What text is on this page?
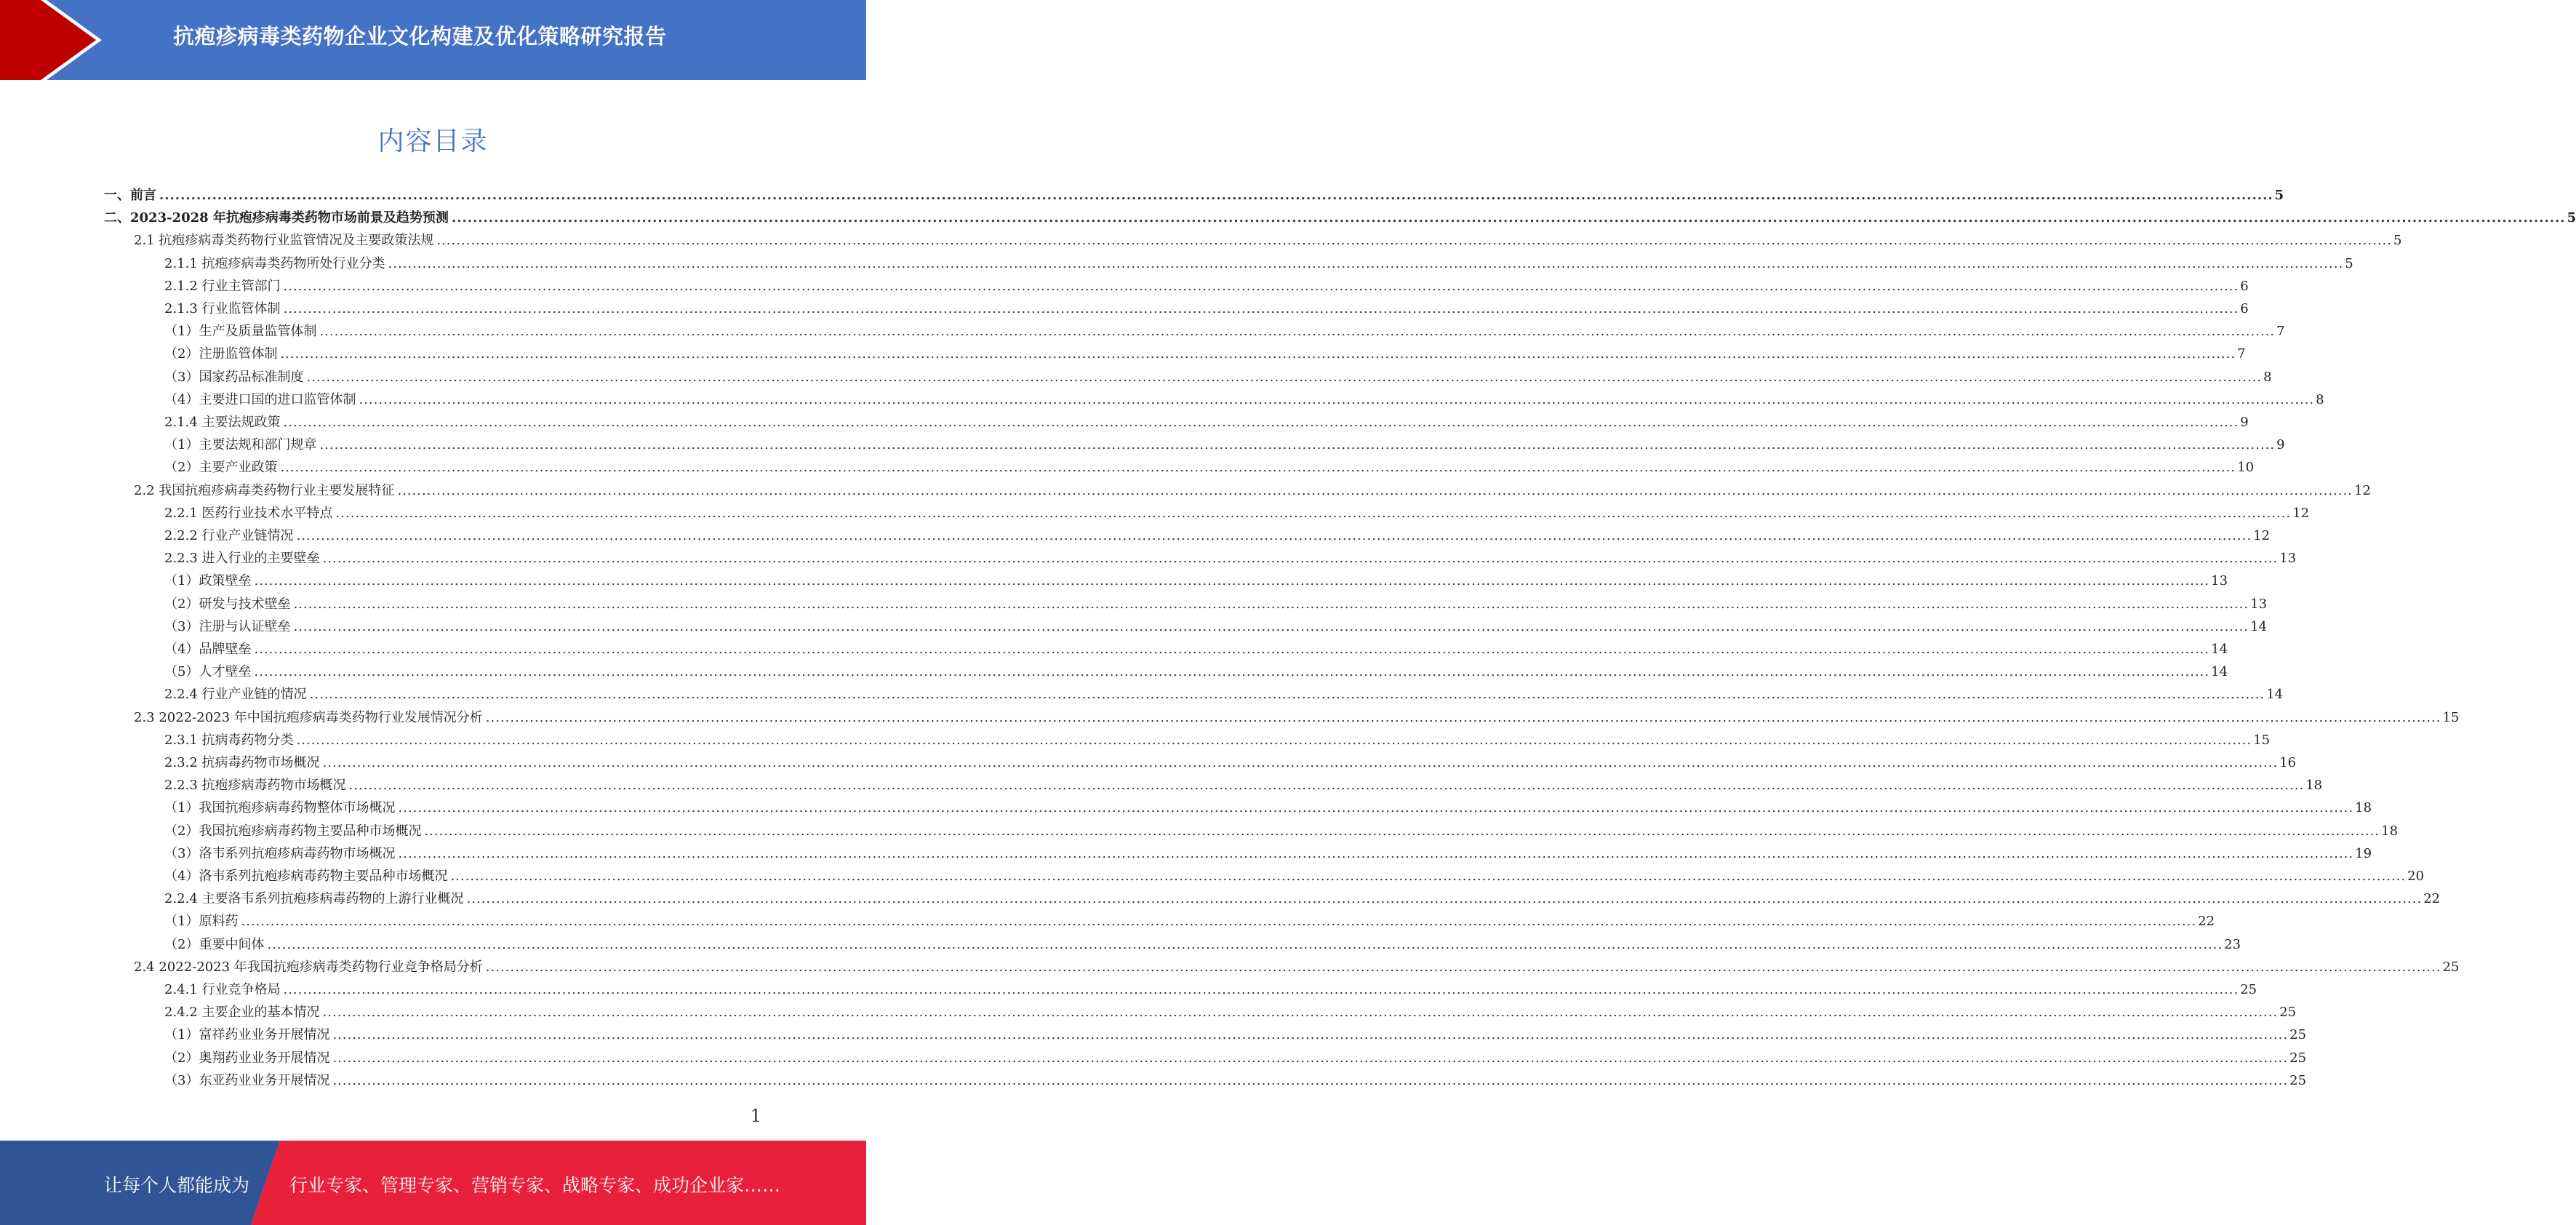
抗疱疹病毒类药物企业文化构建及优化策略研究报告
内容目录
一、前言 ................................................................................................................................................................................................................................................................................................................................................................................................................ 5
二、2023-2028 年抗疱疹病毒类药物市场前景及趋势预测 ................................................................................................................................................................................................................................................................................................................................................................................................................ 5
2.1 抗疱疹病毒类药物行业监管情况及主要政策法规 ................................................................................................................................................................................................................................................................................................................................................................................................................ 5
2.1.1 抗疱疹病毒类药物所处行业分类 ................................................................................................................................................................................................................................................................................................................................................................................................................ 5
2.1.2 行业主管部门 ................................................................................................................................................................................................................................................................................................................................................................................................................ 6
2.1.3 行业监管体制 ................................................................................................................................................................................................................................................................................................................................................................................................................ 6
（1）生产及质量监管体制 ................................................................................................................................................................................................................................................................................................................................................................................................................ 7
（2）注册监管体制 ................................................................................................................................................................................................................................................................................................................................................................................................................ 7
（3）国家药品标准制度 ................................................................................................................................................................................................................................................................................................................................................................................................................ 8
（4）主要进口国的进口监管体制 ................................................................................................................................................................................................................................................................................................................................................................................................................ 8
2.1.4 主要法规政策 ................................................................................................................................................................................................................................................................................................................................................................................................................ 9
（1）主要法规和部门规章 ................................................................................................................................................................................................................................................................................................................................................................................................................ 9
（2）主要产业政策 ................................................................................................................................................................................................................................................................................................................................................................................................................ 10
2.2 我国抗疱疹病毒类药物行业主要发展特征 ................................................................................................................................................................................................................................................................................................................................................................................................................ 12
2.2.1 医药行业技术水平特点 ................................................................................................................................................................................................................................................................................................................................................................................................................ 12
2.2.2 行业产业链情况 ................................................................................................................................................................................................................................................................................................................................................................................................................ 12
2.2.3 进入行业的主要壁垒 ................................................................................................................................................................................................................................................................................................................................................................................................................ 13
（1）政策壁垒 ................................................................................................................................................................................................................................................................................................................................................................................................................ 13
（2）研发与技术壁垒 ................................................................................................................................................................................................................................................................................................................................................................................................................ 13
（3）注册与认证壁垒 ................................................................................................................................................................................................................................................................................................................................................................................................................ 14
（4）品牌壁垒 ................................................................................................................................................................................................................................................................................................................................................................................................................ 14
（5）人才壁垒 ................................................................................................................................................................................................................................................................................................................................................................................................................ 14
2.2.4 行业产业链的情况 ................................................................................................................................................................................................................................................................................................................................................................................................................ 14
2.3 2022-2023 年中国抗疱疹病毒类药物行业发展情况分析 ................................................................................................................................................................................................................................................................................................................................................................................................................ 15
2.3.1 抗病毒药物分类 ................................................................................................................................................................................................................................................................................................................................................................................................................ 15
2.3.2 抗病毒药物市场概况 ................................................................................................................................................................................................................................................................................................................................................................................................................ 16
2.2.3 抗疱疹病毒药物市场概况 ................................................................................................................................................................................................................................................................................................................................................................................................................ 18
（1）我国抗疱疹病毒药物整体市场概况 ................................................................................................................................................................................................................................................................................................................................................................................................................ 18
（2）我国抗疱疹病毒药物主要品种市场概况 ................................................................................................................................................................................................................................................................................................................................................................................................................ 18
（3）洛韦系列抗疱疹病毒药物市场概况 ................................................................................................................................................................................................................................................................................................................................................................................................................ 19
（4）洛韦系列抗疱疹病毒药物主要品种市场概况 ................................................................................................................................................................................................................................................................................................................................................................................................................ 20
2.2.4 主要洛韦系列抗疱疹病毒药物的上游行业概况 ................................................................................................................................................................................................................................................................................................................................................................................................................ 22
（1）原料药 ................................................................................................................................................................................................................................................................................................................................................................................................................ 22
（2）重要中间体 ................................................................................................................................................................................................................................................................................................................................................................................................................ 23
2.4 2022-2023 年我国抗疱疹病毒类药物行业竞争格局分析 ................................................................................................................................................................................................................................................................................................................................................................................................................ 25
2.4.1 行业竞争格局 ................................................................................................................................................................................................................................................................................................................................................................................................................ 25
2.4.2 主要企业的基本情况 ................................................................................................................................................................................................................................................................................................................................................................................................................ 25
（1）富祥药业业务开展情况 ................................................................................................................................................................................................................................................................................................................................................................................................................ 25
（2）奥翔药业业务开展情况 ................................................................................................................................................................................................................................................................................................................................................................................................................ 25
（3）东亚药业业务开展情况 ................................................................................................................................................................................................................................................................................................................................................................................................................ 25
1
让每个人都能成为 行业专家、管理专家、营销专家、战略专家、成功企业家……
